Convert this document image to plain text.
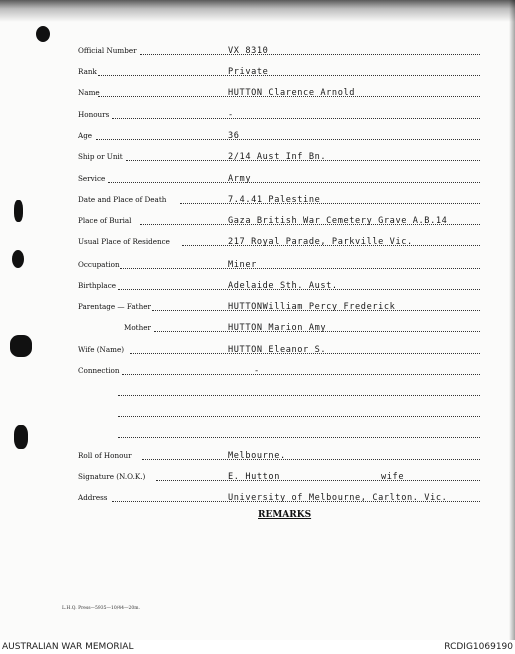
Official Number	VX 8310
Rank	Private
Name	HUTTON Clarence Arnold
Honours	-
Age	36
Ship or Unit	2/14 Aust Inf Bn.
Service	Army
Date and Place of Death	7.4.41 Palestine
Place of Burial	Gaza British War Cemetery Grave A.B.14
Usual Place of Residence	217 Royal Parade, Parkville Vic.
Occupation	Miner
Birthplace	Adelaide Sth. Aust.
Parentage — Father	HUTTONWilliam Percy Frederick
Mother	HUTTON Marion Amy
Wife (Name)	HUTTON Eleanor S.
Connection	-
Roll of Honour	Melbourne.
Signature (N.O.K.)	E. Hutton	wife
Address	University of Melbourne, Carlton. Vic.
REMARKS
L.H.Q. Press—5935—10/44—20m.
AUSTRALIAN WAR MEMORIAL	RCDIG1069190
